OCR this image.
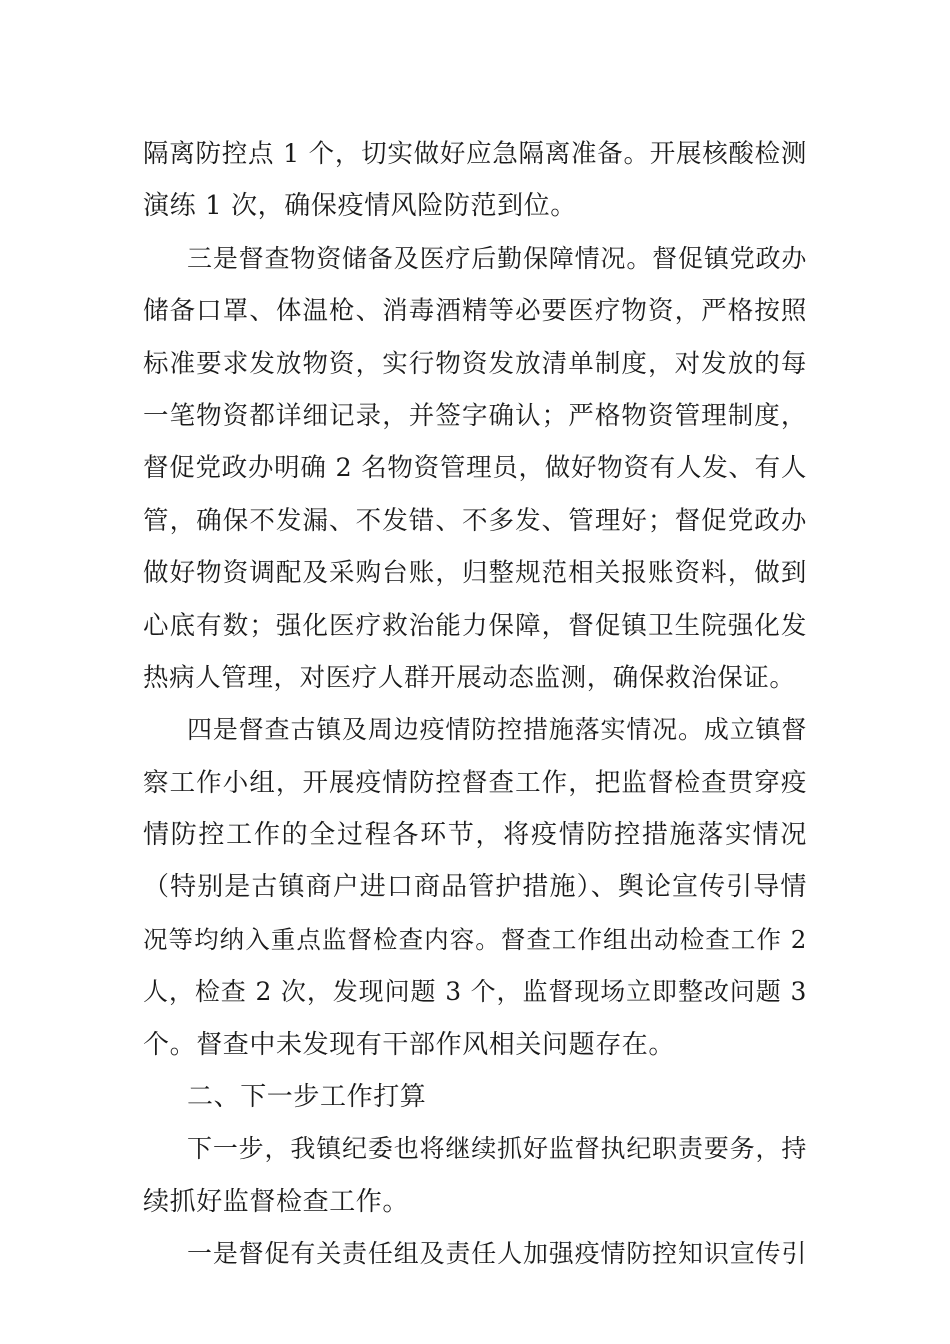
隔离防控点 1 个，切实做好应急隔离准备。开展核酸检测
演练 1 次，确保疫情风险防范到位。
三是督查物资储备及医疗后勤保障情况。督促镇党政办
储备口罩、体温枪、消毒酒精等必要医疗物资，严格按照
标准要求发放物资，实行物资发放清单制度，对发放的每
一笔物资都详细记录，并签字确认；严格物资管理制度，
督促党政办明确 2 名物资管理员，做好物资有人发、有人
管，确保不发漏、不发错、不多发、管理好；督促党政办
做好物资调配及采购台账，归整规范相关报账资料，做到
心底有数；强化医疗救治能力保障，督促镇卫生院强化发
热病人管理，对医疗人群开展动态监测，确保救治保证。
四是督查古镇及周边疫情防控措施落实情况。成立镇督
察工作小组，开展疫情防控督查工作，把监督检查贯穿疫
情防控工作的全过程各环节，将疫情防控措施落实情况
（特别是古镇商户进口商品管护措施）、舆论宣传引导情
况等均纳入重点监督检查内容。督查工作组出动检查工作 2
人，检查 2 次，发现问题 3 个，监督现场立即整改问题 3
个。督查中未发现有干部作风相关问题存在。
二、下一步工作打算
下一步，我镇纪委也将继续抓好监督执纪职责要务，持
续抓好监督检查工作。
一是督促有关责任组及责任人加强疫情防控知识宣传引
